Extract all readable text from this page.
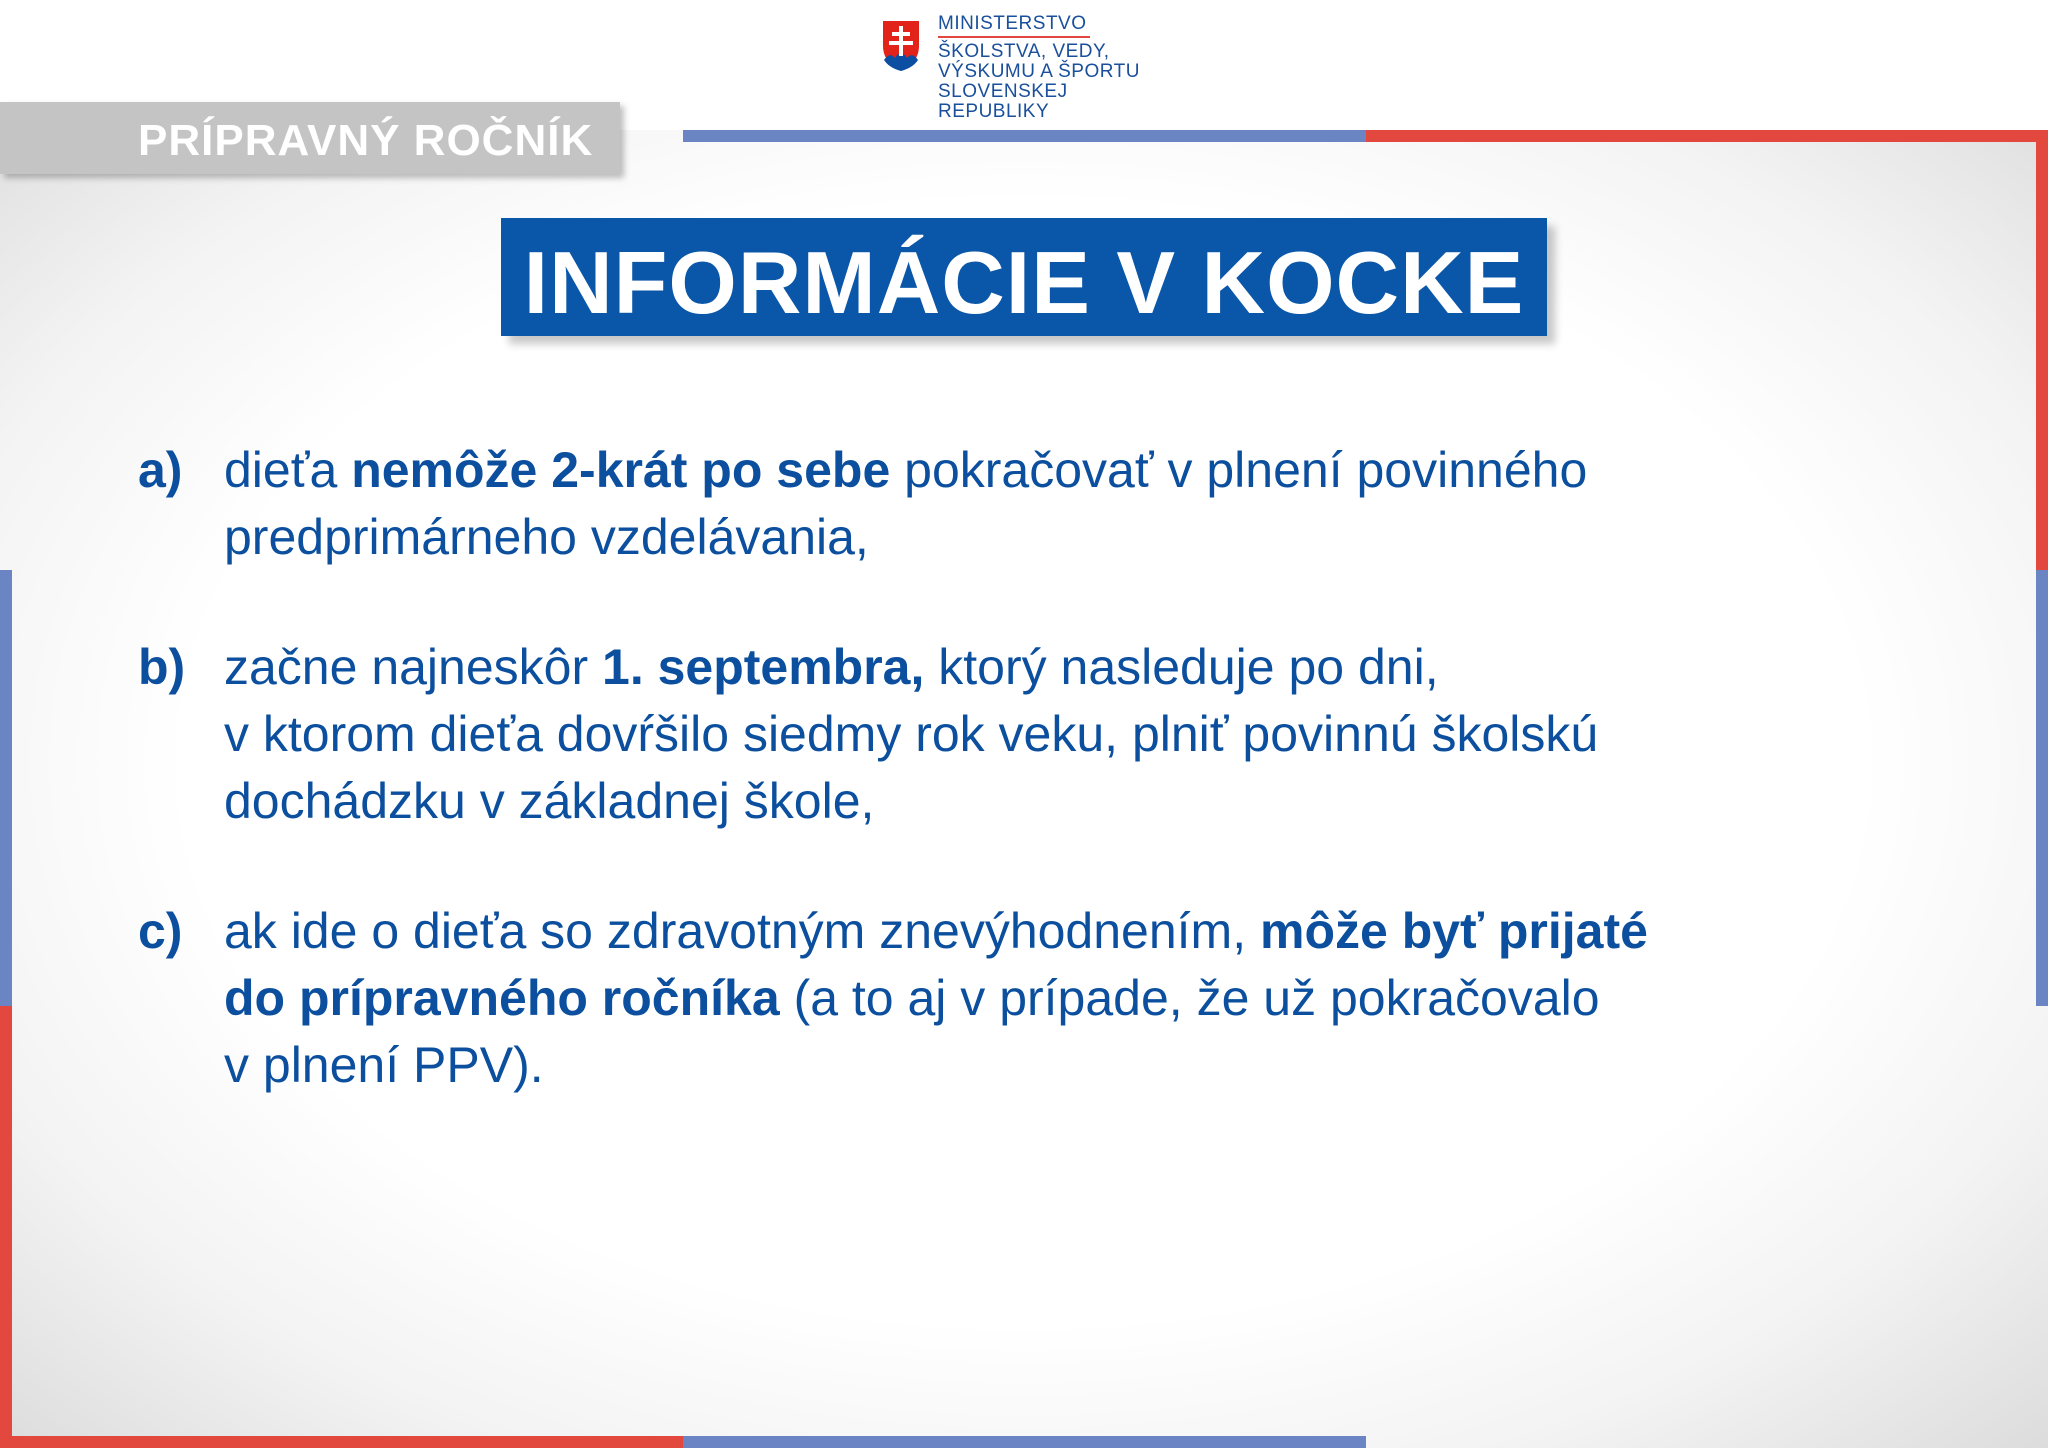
MINISTERSTVO
ŠKOLSTVA, VEDY,
VÝSKUMU A ŠPORTU
SLOVENSKEJ REPUBLIKY
PRÍPRAVNÝ ROČNÍK
INFORMÁCIE V KOCKE
a) dieťa nemôže 2-krát po sebe pokračovať v plnení povinného
predprimárneho vzdelávania,
b) začne najneskôr 1. septembra, ktorý nasleduje po dni,
v ktorom dieťa dovŕšilo siedmy rok veku, plniť povinnú školskú
dochádzku v základnej škole,
c) ak ide o dieťa so zdravotným znevýhodnením, môže byť prijaté
do prípravného ročníka (a to aj v prípade, že už pokračovalo
v plnení PPV).
